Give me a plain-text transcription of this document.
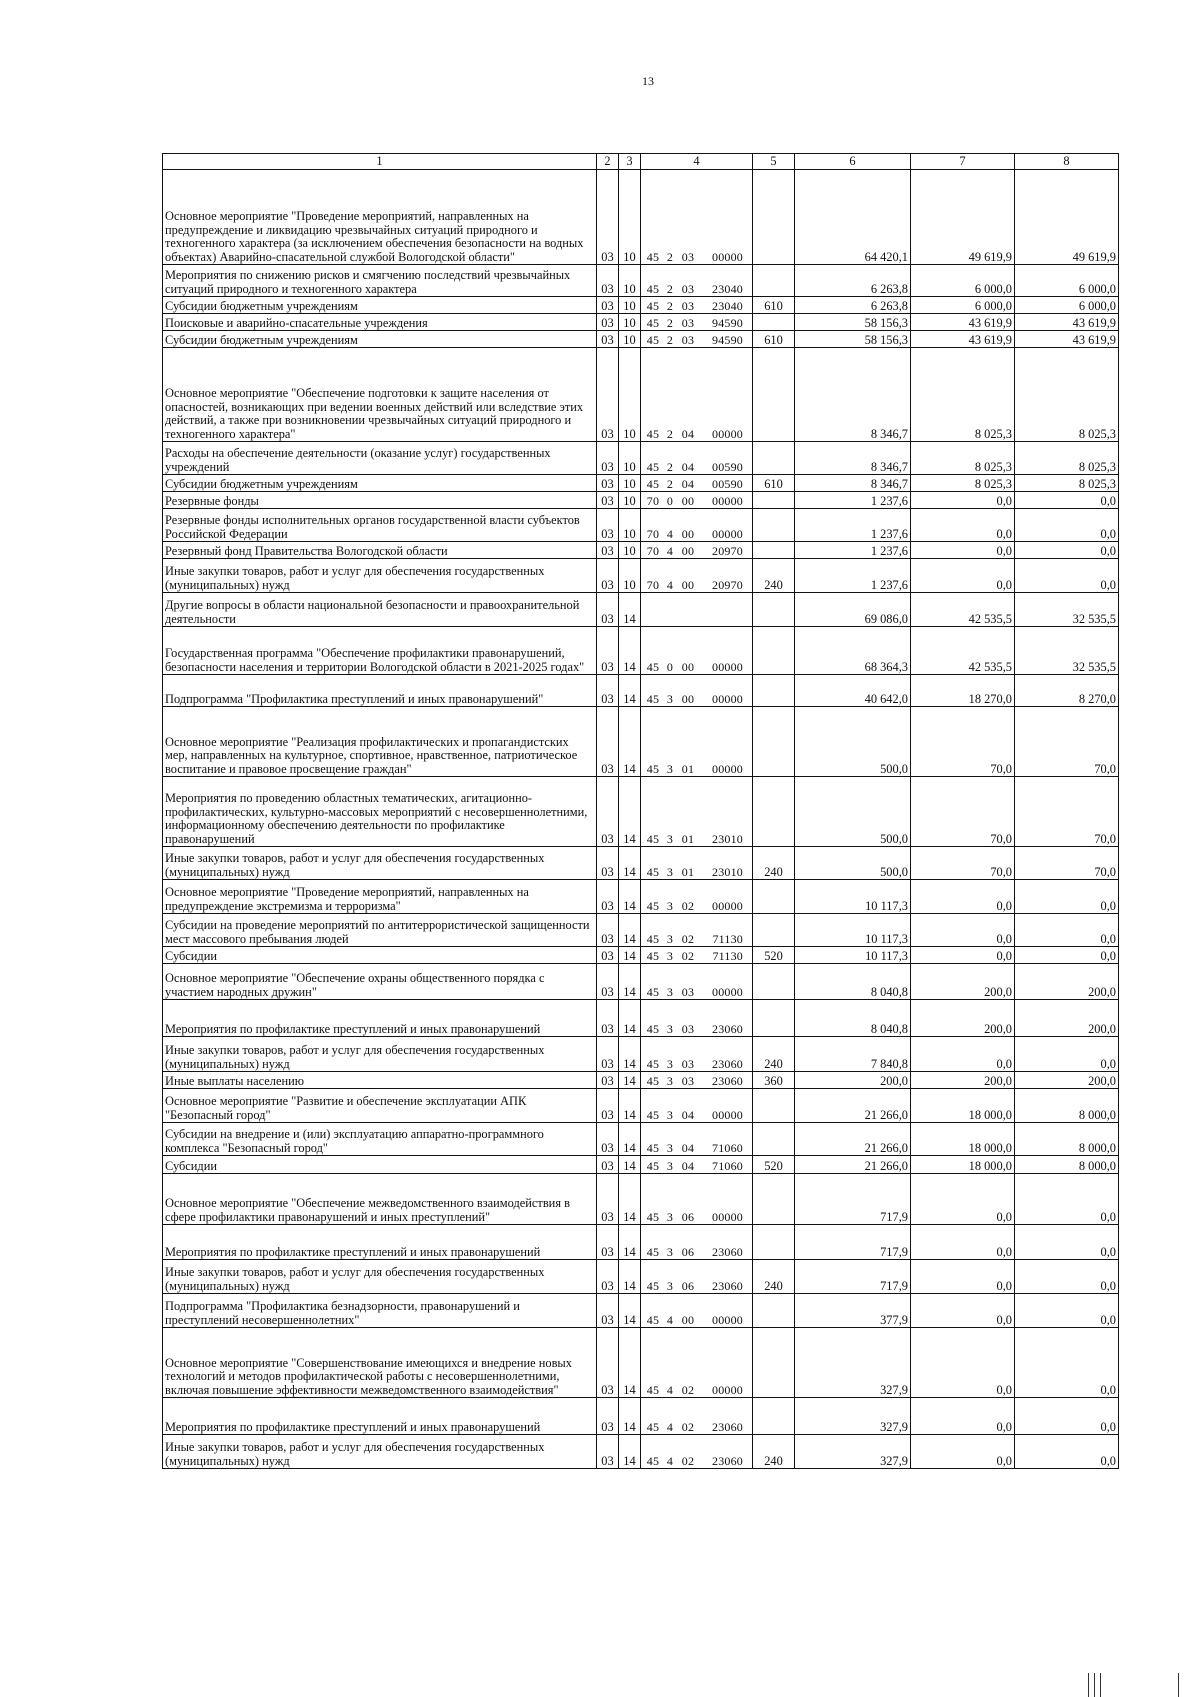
13
1	2	3	4	5	6	7	8
Основное мероприятие "Проведение мероприятий, направленных на предупреждение и ликвидацию чрезвычайных ситуаций природного и техногенного характера (за исключением обеспечения безопасности на водных объектах) Аварийно-спасательной службой Вологодской области"	03	10	45 2 03 00000		64 420,1	49 619,9	49 619,9
Мероприятия по снижению рисков и смягчению последствий чрезвычайных ситуаций природного и техногенного характера	03	10	45 2 03 23040		6 263,8	6 000,0	6 000,0
Субсидии бюджетным учреждениям	03	10	45 2 03 23040	610	6 263,8	6 000,0	6 000,0
Поисковые и аварийно-спасательные учреждения	03	10	45 2 03 94590		58 156,3	43 619,9	43 619,9
Субсидии бюджетным учреждениям	03	10	45 2 03 94590	610	58 156,3	43 619,9	43 619,9
Основное мероприятие "Обеспечение подготовки к защите населения от опасностей, возникающих при ведении военных действий или вследствие этих действий, а также при возникновении чрезвычайных ситуаций природного и техногенного характера"	03	10	45 2 04 00000		8 346,7	8 025,3	8 025,3
Расходы на обеспечение деятельности (оказание услуг) государственных учреждений	03	10	45 2 04 00590		8 346,7	8 025,3	8 025,3
Субсидии бюджетным учреждениям	03	10	45 2 04 00590	610	8 346,7	8 025,3	8 025,3
Резервные фонды	03	10	70 0 00 00000		1 237,6	0,0	0,0
Резервные фонды исполнительных органов государственной власти субъектов Российской Федерации	03	10	70 4 00 00000		1 237,6	0,0	0,0
Резервный фонд Правительства Вологодской области	03	10	70 4 00 20970		1 237,6	0,0	0,0
Иные закупки товаров, работ и услуг для обеспечения государственных (муниципальных) нужд	03	10	70 4 00 20970	240	1 237,6	0,0	0,0
Другие вопросы в области национальной безопасности и правоохранительной деятельности	03	14			69 086,0	42 535,5	32 535,5
Государственная программа "Обеспечение профилактики правонарушений, безопасности населения и территории Вологодской области в 2021-2025 годах"	03	14	45 0 00 00000		68 364,3	42 535,5	32 535,5
Подпрограмма "Профилактика преступлений и иных правонарушений"	03	14	45 3 00 00000		40 642,0	18 270,0	8 270,0
Основное мероприятие "Реализация профилактических и пропагандистских мер, направленных на культурное, спортивное, нравственное, патриотическое воспитание и правовое просвещение граждан"	03	14	45 3 01 00000		500,0	70,0	70,0
Мероприятия по проведению областных тематических, агитационно-профилактических, культурно-массовых мероприятий с несовершеннолетними, информационному обеспечению деятельности по профилактике правонарушений	03	14	45 3 01 23010		500,0	70,0	70,0
Иные закупки товаров, работ и услуг для обеспечения государственных (муниципальных) нужд	03	14	45 3 01 23010	240	500,0	70,0	70,0
Основное мероприятие "Проведение мероприятий, направленных на предупреждение экстремизма и терроризма"	03	14	45 3 02 00000		10 117,3	0,0	0,0
Субсидии на проведение мероприятий по антитеррористической защищенности мест массового пребывания людей	03	14	45 3 02 71130		10 117,3	0,0	0,0
Субсидии	03	14	45 3 02 71130	520	10 117,3	0,0	0,0
Основное мероприятие "Обеспечение охраны общественного порядка с участием народных дружин"	03	14	45 3 03 00000		8 040,8	200,0	200,0
Мероприятия по профилактике преступлений и иных правонарушений	03	14	45 3 03 23060		8 040,8	200,0	200,0
Иные закупки товаров, работ и услуг для обеспечения государственных (муниципальных) нужд	03	14	45 3 03 23060	240	7 840,8	0,0	0,0
Иные выплаты населению	03	14	45 3 03 23060	360	200,0	200,0	200,0
Основное мероприятие "Развитие и обеспечение эксплуатации АПК "Безопасный город"	03	14	45 3 04 00000		21 266,0	18 000,0	8 000,0
Субсидии на внедрение и (или) эксплуатацию аппаратно-программного комплекса "Безопасный город"	03	14	45 3 04 71060		21 266,0	18 000,0	8 000,0
Субсидии	03	14	45 3 04 71060	520	21 266,0	18 000,0	8 000,0
Основное мероприятие "Обеспечение межведомственного взаимодействия в сфере профилактики правонарушений и иных преступлений"	03	14	45 3 06 00000		717,9	0,0	0,0
Мероприятия по профилактике преступлений и иных правонарушений	03	14	45 3 06 23060		717,9	0,0	0,0
Иные закупки товаров, работ и услуг для обеспечения государственных (муниципальных) нужд	03	14	45 3 06 23060	240	717,9	0,0	0,0
Подпрограмма "Профилактика безнадзорности, правонарушений и преступлений несовершеннолетних"	03	14	45 4 00 00000		377,9	0,0	0,0
Основное мероприятие "Совершенствование имеющихся и внедрение новых технологий и методов профилактической работы с несовершеннолетними, включая повышение эффективности межведомственного взаимодействия"	03	14	45 4 02 00000		327,9	0,0	0,0
Мероприятия по профилактике преступлений и иных правонарушений	03	14	45 4 02 23060		327,9	0,0	0,0
Иные закупки товаров, работ и услуг для обеспечения государственных (муниципальных) нужд	03	14	45 4 02 23060	240	327,9	0,0	0,0
